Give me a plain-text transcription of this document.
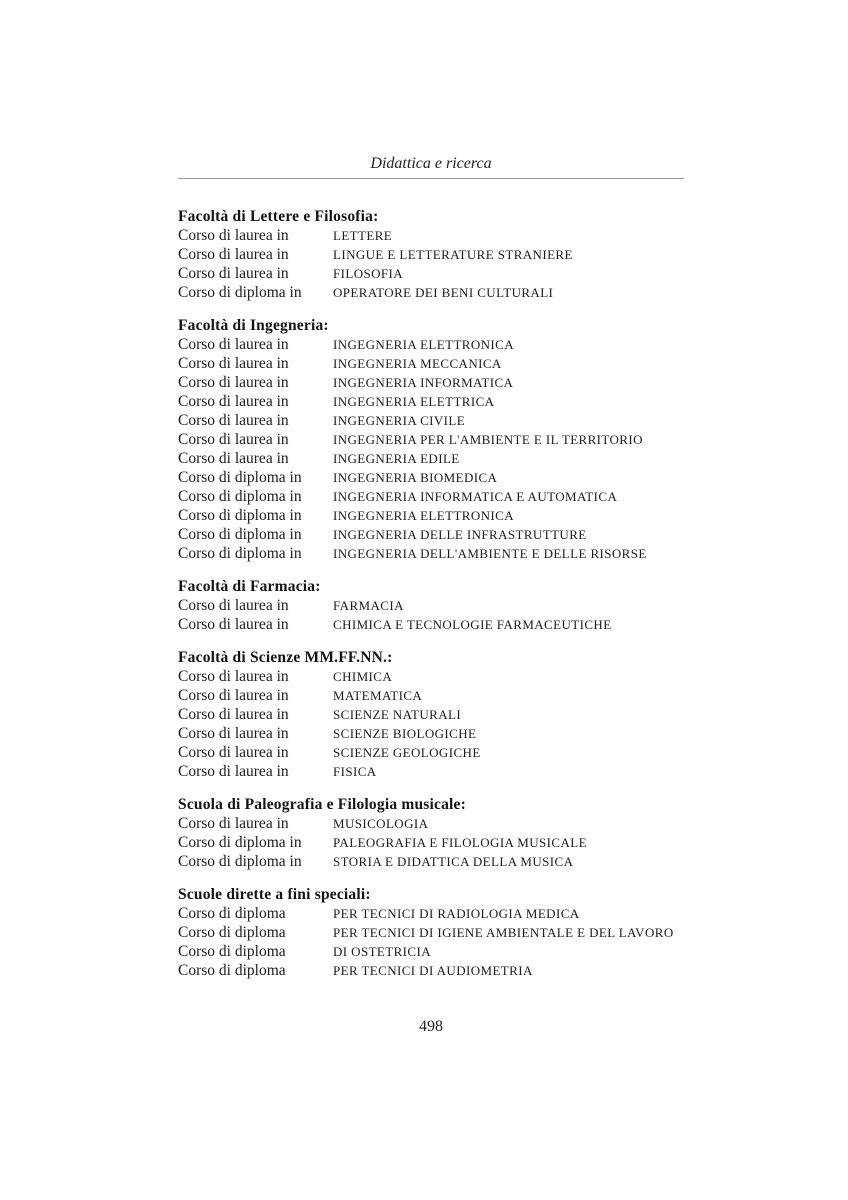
Didattica e ricerca
Facoltà di Lettere e Filosofia:
Corso di laurea in	LETTERE
Corso di laurea in	LINGUE E LETTERATURE STRANIERE
Corso di laurea in	FILOSOFIA
Corso di diploma in	OPERATORE DEI BENI CULTURALI
Facoltà di Ingegneria:
Corso di laurea in	INGEGNERIA ELETTRONICA
Corso di laurea in	INGEGNERIA MECCANICA
Corso di laurea in	INGEGNERIA INFORMATICA
Corso di laurea in	INGEGNERIA ELETTRICA
Corso di laurea in	INGEGNERIA CIVILE
Corso di laurea in	INGEGNERIA PER L'AMBIENTE E IL TERRITORIO
Corso di laurea in	INGEGNERIA EDILE
Corso di diploma in	INGEGNERIA BIOMEDICA
Corso di diploma in	INGEGNERIA INFORMATICA E AUTOMATICA
Corso di diploma in	INGEGNERIA ELETTRONICA
Corso di diploma in	INGEGNERIA DELLE INFRASTRUTTURE
Corso di diploma in	INGEGNERIA DELL'AMBIENTE E DELLE RISORSE
Facoltà di Farmacia:
Corso di laurea in	FARMACIA
Corso di laurea in	CHIMICA E TECNOLOGIE FARMACEUTICHE
Facoltà di Scienze MM.FF.NN.:
Corso di laurea in	CHIMICA
Corso di laurea in	MATEMATICA
Corso di laurea in	SCIENZE NATURALI
Corso di laurea in	SCIENZE BIOLOGICHE
Corso di laurea in	SCIENZE GEOLOGICHE
Corso di laurea in	FISICA
Scuola di Paleografia e Filologia musicale:
Corso di laurea in	MUSICOLOGIA
Corso di diploma in	PALEOGRAFIA E FILOLOGIA MUSICALE
Corso di diploma in	STORIA E DIDATTICA DELLA MUSICA
Scuole dirette a fini speciali:
Corso di diploma	PER TECNICI DI RADIOLOGIA MEDICA
Corso di diploma	PER TECNICI DI IGIENE AMBIENTALE E DEL LAVORO
Corso di diploma	DI OSTETRICIA
Corso di diploma	PER TECNICI DI AUDIOMETRIA
498
